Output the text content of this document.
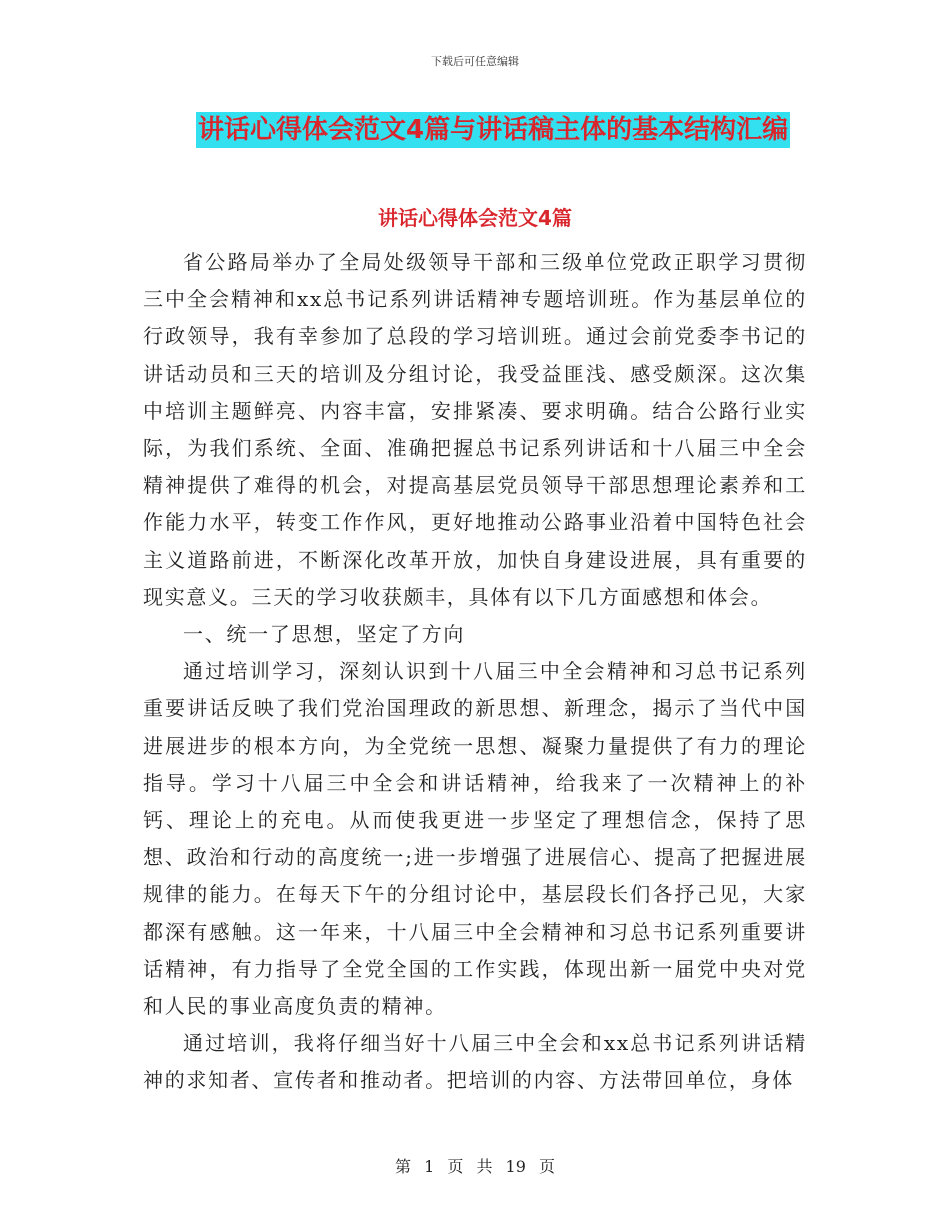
下载后可任意编辑
讲话心得体会范文4篇与讲话稿主体的基本结构汇编
讲话心得体会范文4篇

省公路局举办了全局处级领导干部和三级单位党政正职学习贯彻三中全会精神和xx总书记系列讲话精神专题培训班。作为基层单位的行政领导，我有幸参加了总段的学习培训班。通过会前党委李书记的讲话动员和三天的培训及分组讨论，我受益匪浅、感受颇深。这次集中培训主题鲜亮、内容丰富，安排紧凑、要求明确。结合公路行业实际，为我们系统、全面、准确把握总书记系列讲话和十八届三中全会精神提供了难得的机会，对提高基层党员领导干部思想理论素养和工作能力水平，转变工作作风，更好地推动公路事业沿着中国特色社会主义道路前进，不断深化改革开放，加快自身建设进展，具有重要的现实意义。三天的学习收获颇丰，具体有以下几方面感想和体会。

一、统一了思想，坚定了方向

通过培训学习，深刻认识到十八届三中全会精神和习总书记系列重要讲话反映了我们党治国理政的新思想、新理念，揭示了当代中国进展进步的根本方向，为全党统一思想、凝聚力量提供了有力的理论指导。学习十八届三中全会和讲话精神，给我来了一次精神上的补钙、理论上的充电。从而使我更进一步坚定了理想信念，保持了思想、政治和行动的高度统一;进一步增强了进展信心、提高了把握进展规律的能力。在每天下午的分组讨论中，基层段长们各抒己见，大家都深有感触。这一年来，十八届三中全会精神和习总书记系列重要讲话精神，有力指导了全党全国的工作实践，体现出新一届党中央对党和人民的事业高度负责的精神。

通过培训，我将仔细当好十八届三中全会和xx总书记系列讲话精神的求知者、宣传者和推动者。把培训的内容、方法带回单位，身体

第 1 页 共 19 页
